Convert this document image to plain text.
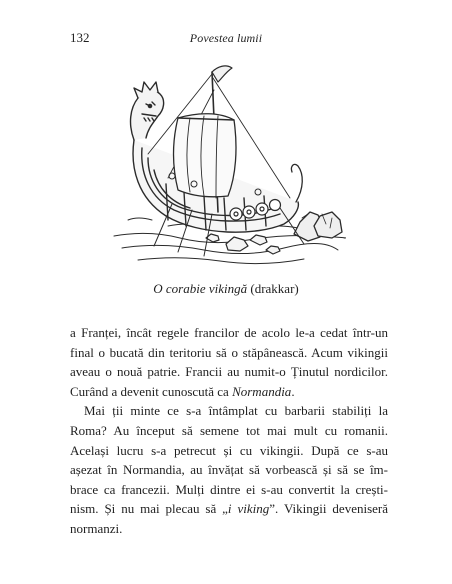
132	Povestea lumii
O corabie vikingă (drakkar)
a Franței, încât regele francilor de acolo le-a cedat într-un
final o bucată din teritoriu să o stăpânească. Acum vikingii
aveau o nouă patrie. Francii au numit-o Ținutul nordicilor.
Curând a devenit cunoscută ca Normandia.
Mai ții minte ce s-a întâmplat cu barbarii stabiliți la
Roma? Au început să semene tot mai mult cu romanii.
Același lucru s-a petrecut și cu vikingii. După ce s-au
așezat în Normandia, au învățat să vorbească și să se îm-
brace ca francezii. Mulți dintre ei s-au convertit la crești-
nism. Și nu mai plecau să „i viking”. Vikingii deveniseră
normanzi.
